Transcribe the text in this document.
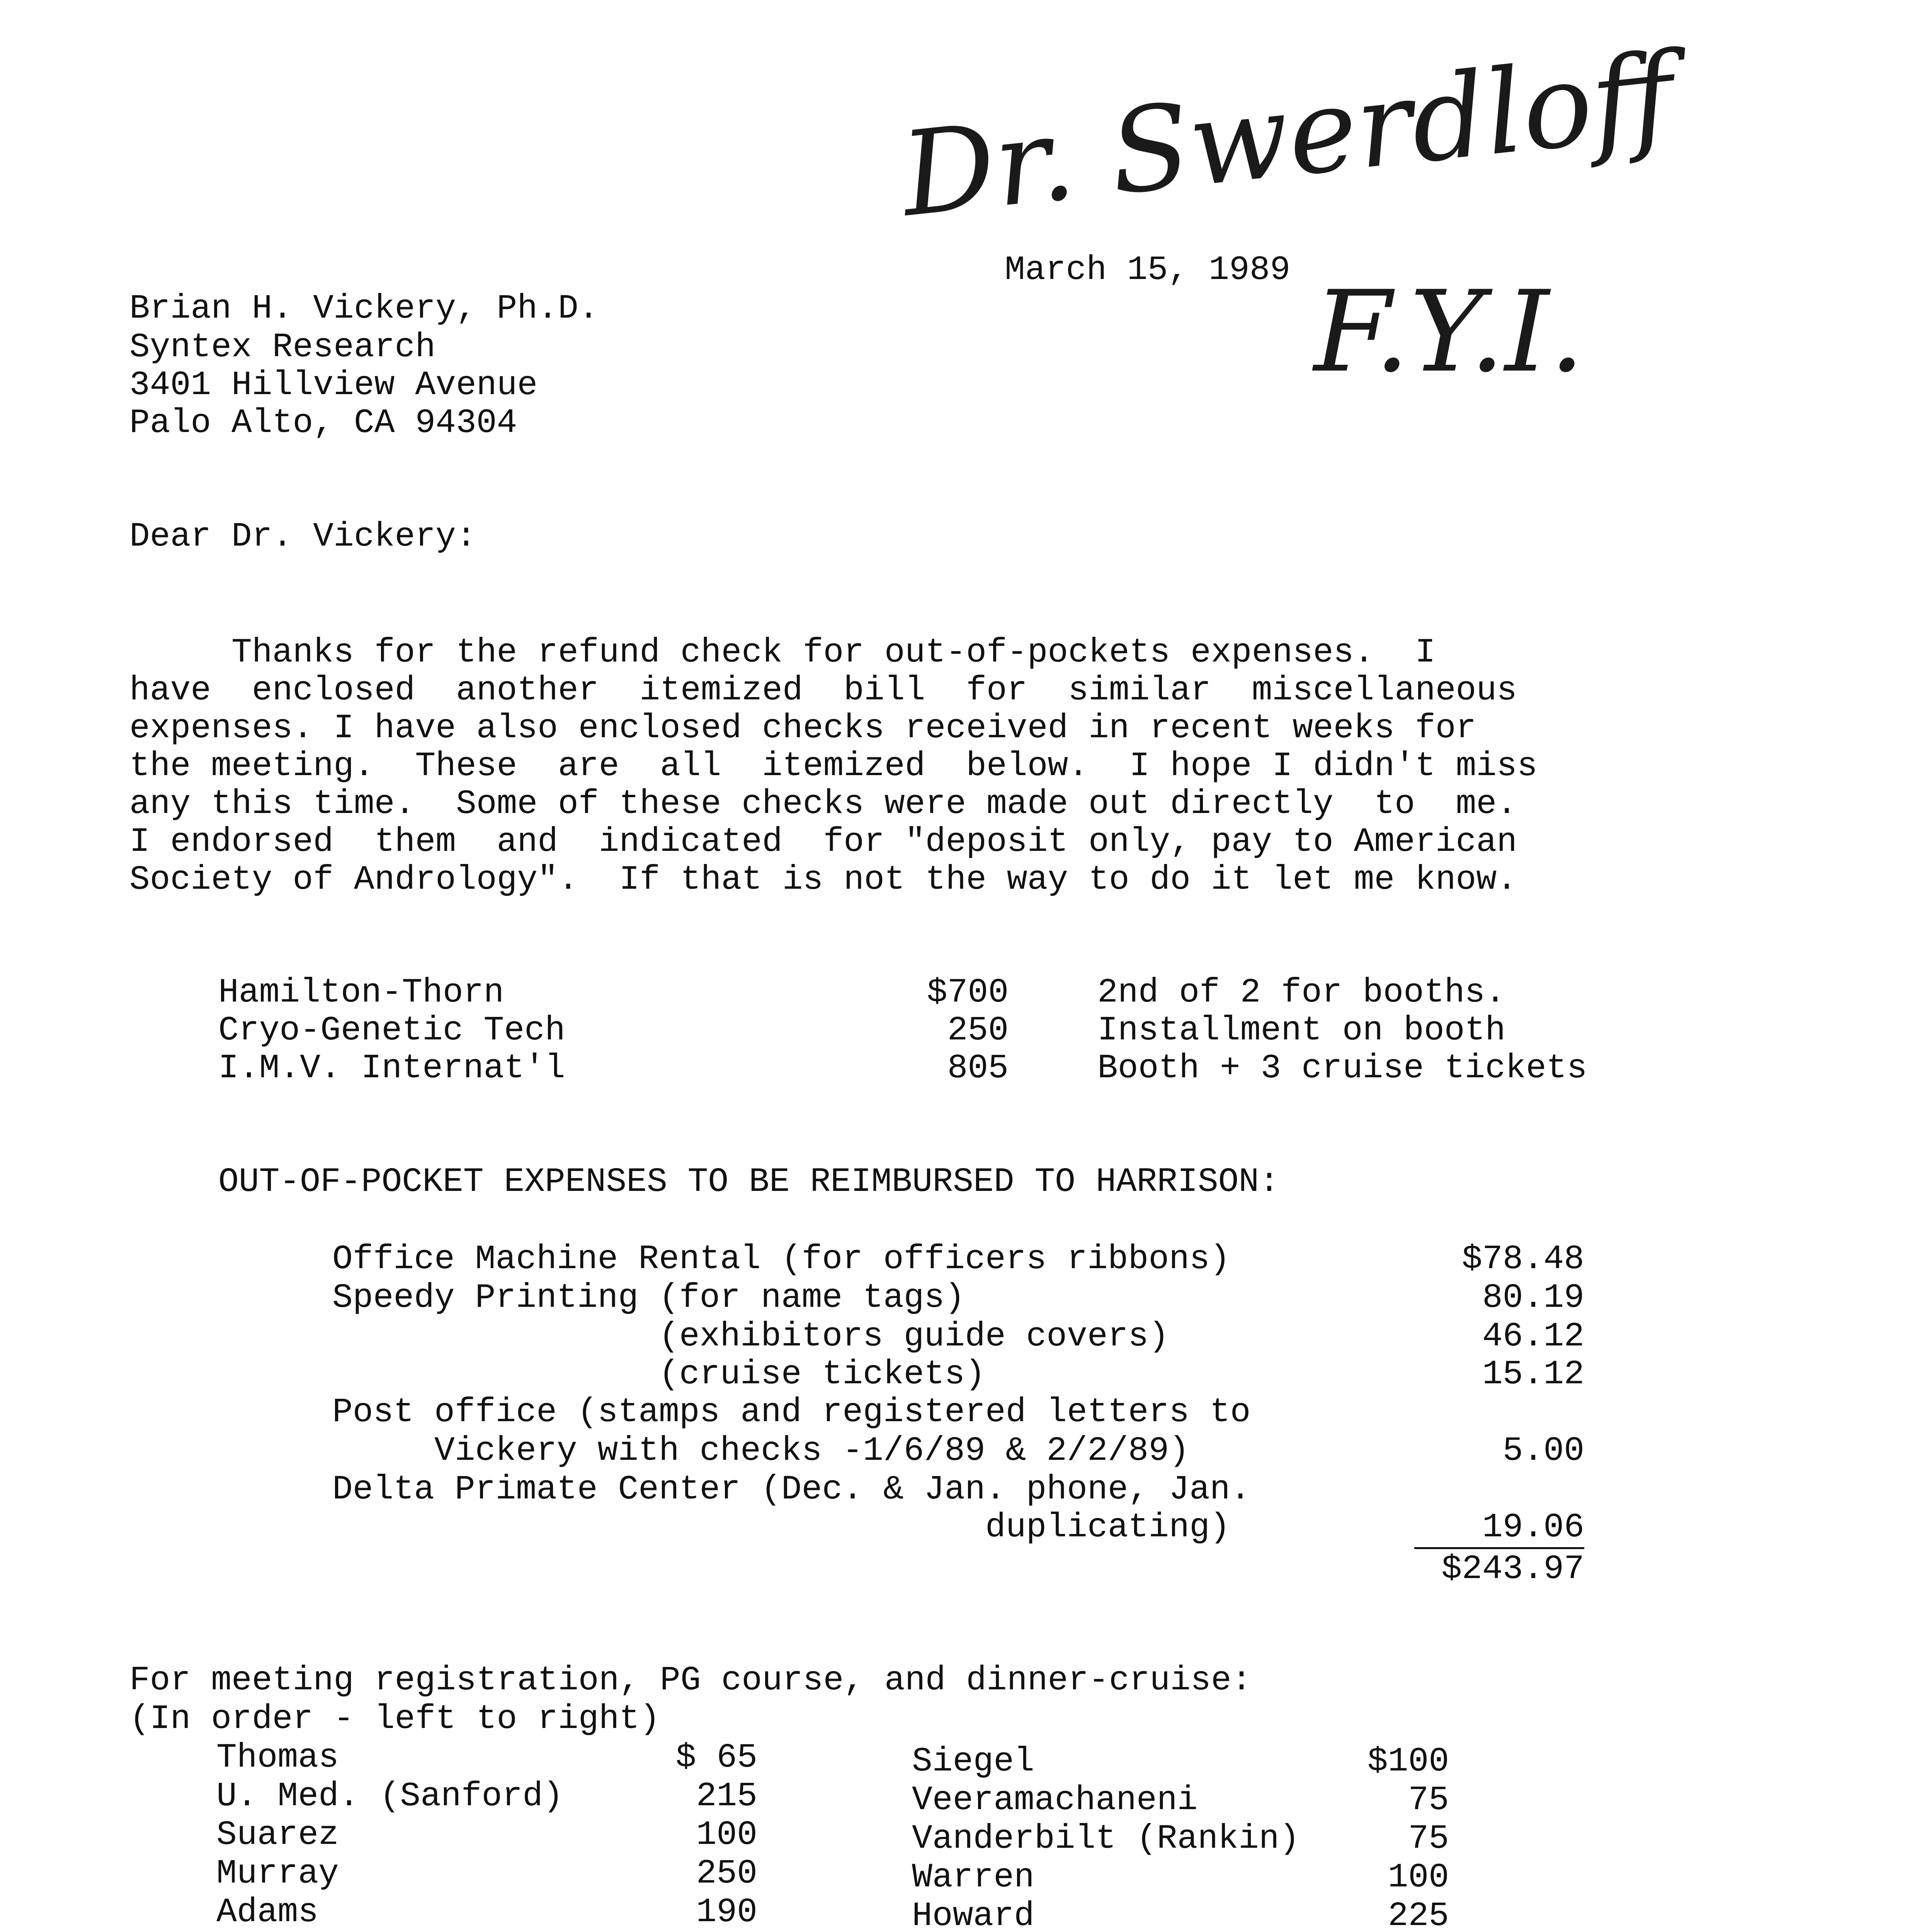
Dr. Swerdloff
F.Y.I.
March 15, 1989
Brian H. Vickery, Ph.D.
Syntex Research
3401 Hillview Avenue
Palo Alto, CA 94304
Dear Dr. Vickery:
Thanks for the refund check for out-of-pockets expenses.  I
have  enclosed  another  itemized  bill  for  similar  miscellaneous
expenses. I have also enclosed checks received in recent weeks for
the meeting.  These  are  all  itemized  below.  I hope I didn't miss
any this time.  Some of these checks were made out directly  to  me.
I endorsed  them  and  indicated  for "deposit only, pay to American
Society of Andrology".  If that is not the way to do it let me know.
Hamilton-Thorn	$700	2nd of 2 for booths.
Cryo-Genetic Tech	250	Installment on booth
I.M.V. Internat'l	805	Booth + 3 cruise tickets
OUT-OF-POCKET EXPENSES TO BE REIMBURSED TO HARRISON:
Office Machine Rental (for officers ribbons)	$78.48
Speedy Printing (for name tags)	80.19
(exhibitors guide covers)	46.12
(cruise tickets)	15.12
Post office (stamps and registered letters to
Vickery with checks -1/6/89 & 2/2/89)	5.00
Delta Primate Center (Dec. & Jan. phone, Jan.
duplicating)	19.06
$243.97
For meeting registration, PG course, and dinner-cruise:
(In order - left to right)
Thomas	$ 65
U. Med. (Sanford)	215
Suarez	100
Murray	250
Adams	190
Siegel	$100
Veeramachaneni	75
Vanderbilt (Rankin)	75
Warren	100
Howard	225
